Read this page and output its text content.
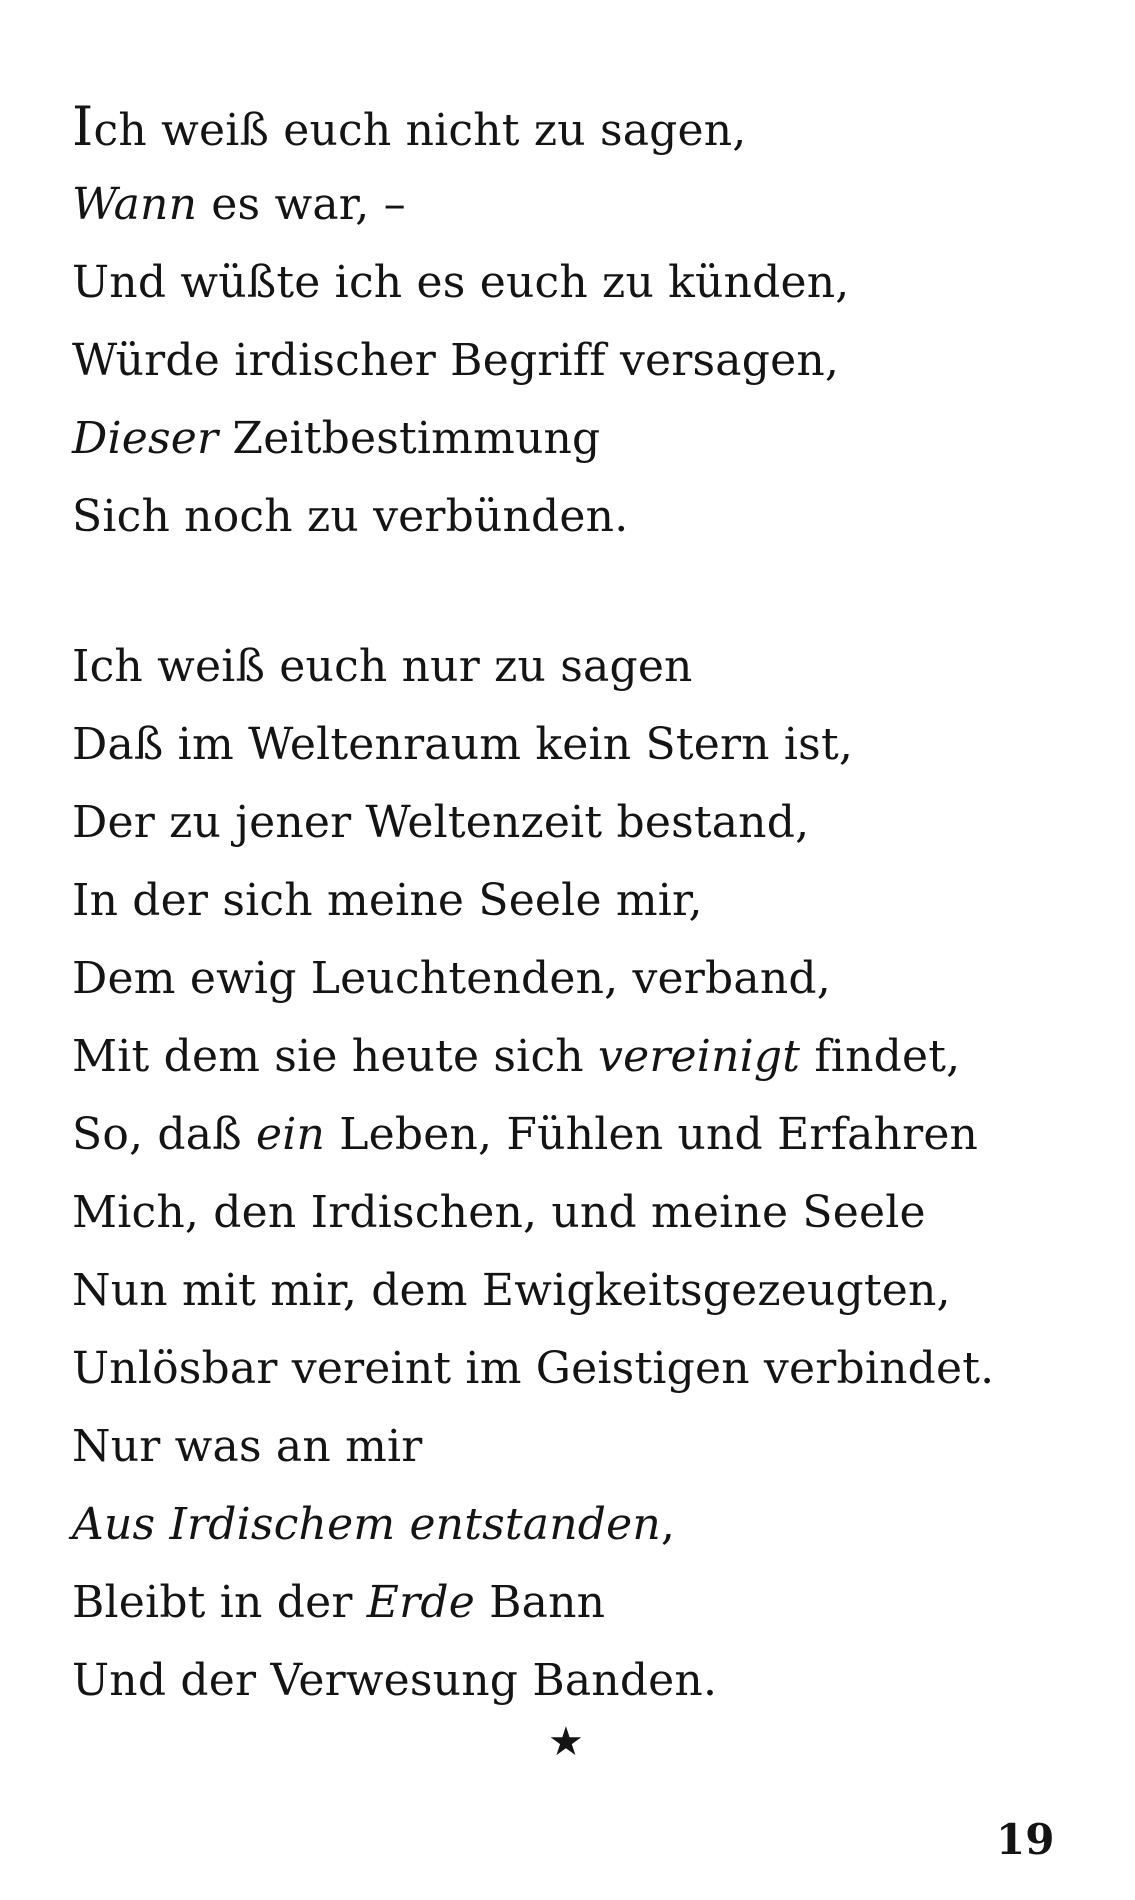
Ich weiß euch nicht zu sagen,
Wann es war, –
Und wüßte ich es euch zu künden,
Würde irdischer Begriff versagen,
Dieser Zeitbestimmung
Sich noch zu verbünden.
Ich weiß euch nur zu sagen
Daß im Weltenraum kein Stern ist,
Der zu jener Weltenzeit bestand,
In der sich meine Seele mir,
Dem ewig Leuchtenden, verband,
Mit dem sie heute sich vereinigt findet,
So, daß ein Leben, Fühlen und Erfahren
Mich, den Irdischen, und meine Seele
Nun mit mir, dem Ewigkeitsgezeugten,
Unlösbar vereint im Geistigen verbindet.
Nur was an mir
Aus Irdischem entstanden,
Bleibt in der Erde Bann
Und der Verwesung Banden.
★
19
